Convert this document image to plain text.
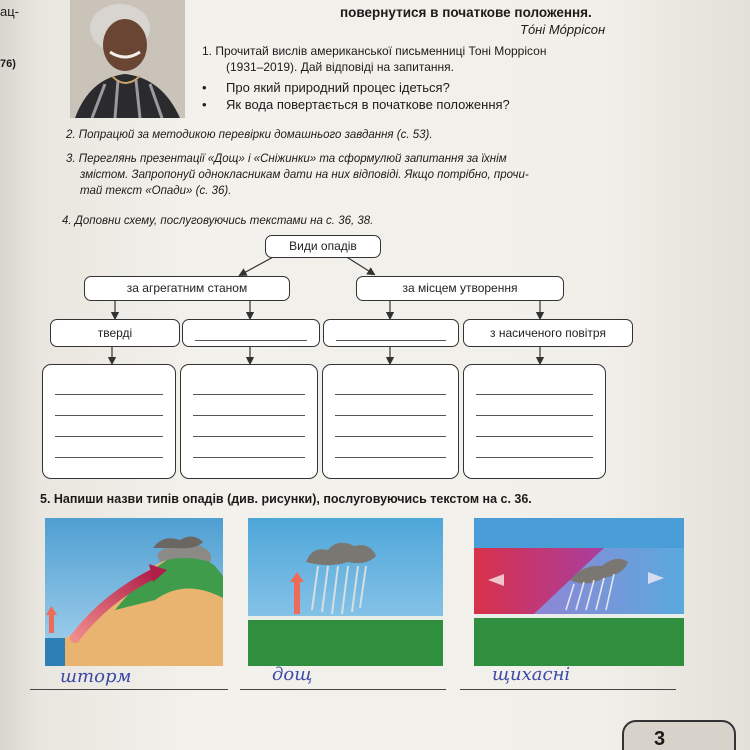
ац-
76)
повернутися в початкове положення.
Тóні Мóррісон
1. Прочитай вислів американської письменниці Тоні Моррісон
(1931–2019). Дай відповіді на запитання.
• Про який природний процес ідеться?
• Як вода повертається в початкове положення?
2. Попрацюй за методикою перевірки домашнього завдання (с. 53).
3. Переглянь презентації «Дощ» і «Сніжинки» та сформулюй запитання за їхнім
змістом. Запропонуй однокласникам дати на них відповіді. Якщо потрібно, прочи-
тай текст «Опади» (с. 36).
4. Доповни схему, послуговуючись текстами на с. 36, 38.
Види опадів
за агрегатним станом	за місцем утворення
тверді	з насиченого повітря
5. Напиши назви типів опадів (див. рисунки), послуговуючись текстом на с. 36.
шторм	дощ	щихасні
3
